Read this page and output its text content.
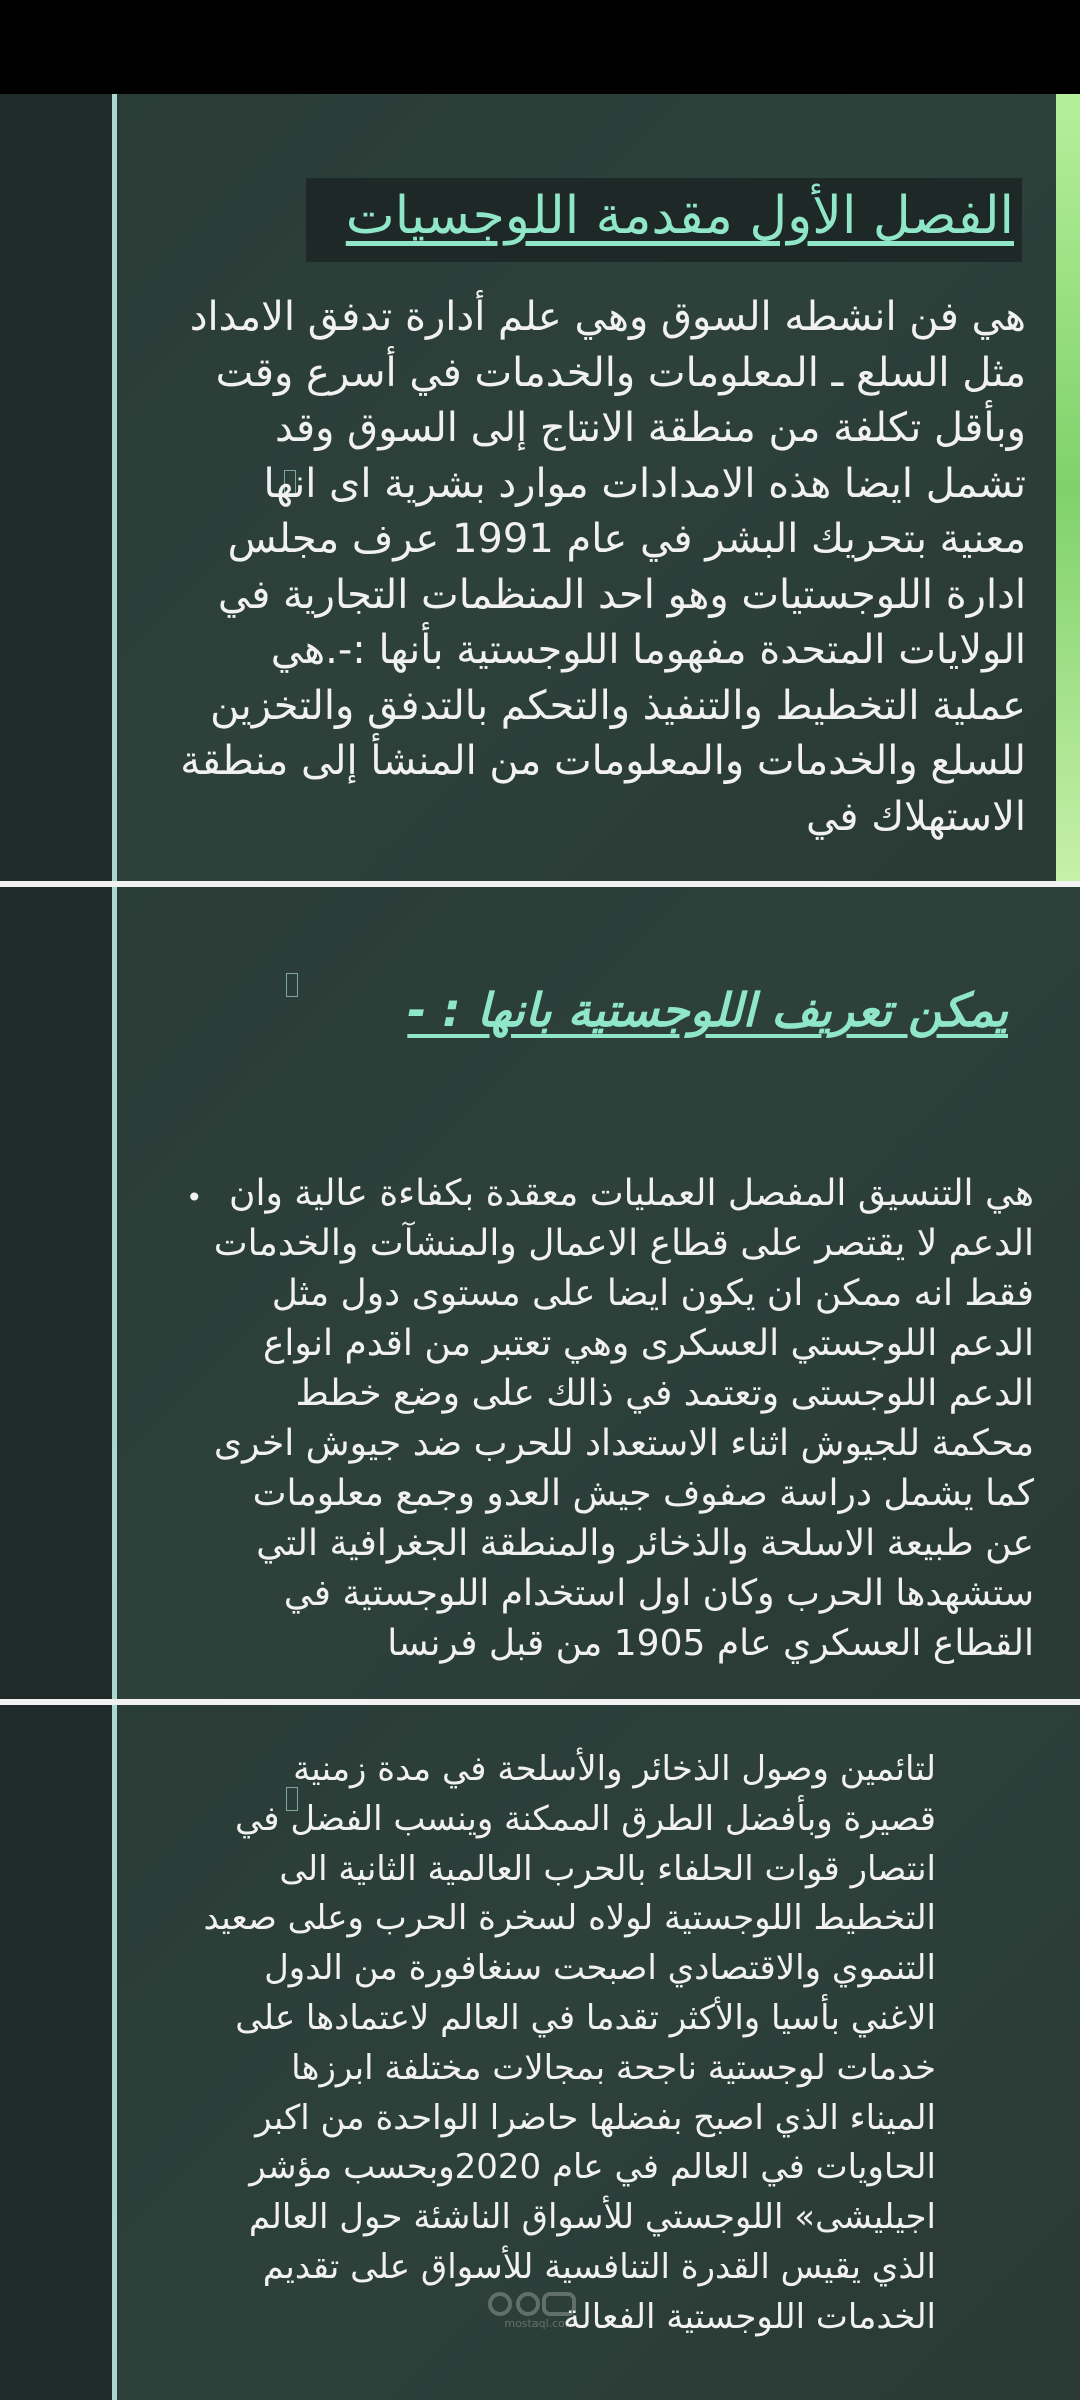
الفصل الأول مقدمة اللوجسيات

هي فن انشطه السوق وهي علم أدارة تدفق الامداد مثل السلع ـ المعلومات والخدمات في أسرع وقت وبأقل تكلفة من منطقة الانتاج إلى السوق وقد تشمل ايضا هذه الامدادات موارد بشرية اى انها معنية بتحريك البشر في عام 1991 عرف مجلس ادارة اللوجستيات وهو احد المنظمات التجارية في الولايات المتحدة مفهوما اللوجستية بأنها :-.هي عملية التخطيط والتنفيذ والتحكم بالتدفق والتخزين للسلع والخدمات والمعلومات من المنشأ إلى منطقة الاستهلاك في

يمكن تعريف اللوجستية بانها : -
• هي التنسيق المفصل العمليات معقدة بكفاءة عالية وان الدعم لا يقتصر على قطاع الاعمال والمنشآت والخدمات فقط انه ممكن ان يكون ايضا على مستوى دول مثل الدعم اللوجستي العسكرى وهي تعتبر من اقدم انواع الدعم اللوجستى وتعتمد في ذالك على وضع خطط محكمة للجيوش اثناء الاستعداد للحرب ضد جيوش اخرى كما يشمل دراسة صفوف جيش العدو وجمع معلومات عن طبيعة الاسلحة والذخائر والمنطقة الجغرافية التي ستشهدها الحرب وكان اول استخدام اللوجستية في القطاع العسكري عام 1905 من قبل فرنسا

لتائمين وصول الذخائر والأسلحة في مدة زمنية قصيرة وبأفضل الطرق الممكنة وينسب الفضل في انتصار قوات الحلفاء بالحرب العالمية الثانية الى التخطيط اللوجستية لولاه لسخرة الحرب وعلى صعيد التنموي والاقتصادي اصبحت سنغافورة من الدول الاغني بأسيا والأكثر تقدما في العالم لاعتمادها على خدمات لوجستية ناجحة بمجالات مختلفة ابرزها الميناء الذي اصبح بفضلها حاضرا الواحدة من اكبر الحاويات في العالم في عام 2020وبحسب مؤشر اجيليشى» اللوجستي للأسواق الناشئة حول العالم الذي يقيس القدرة التنافسية للأسواق على تقديم الخدمات اللوجستية الفعالة

mostaql.com
